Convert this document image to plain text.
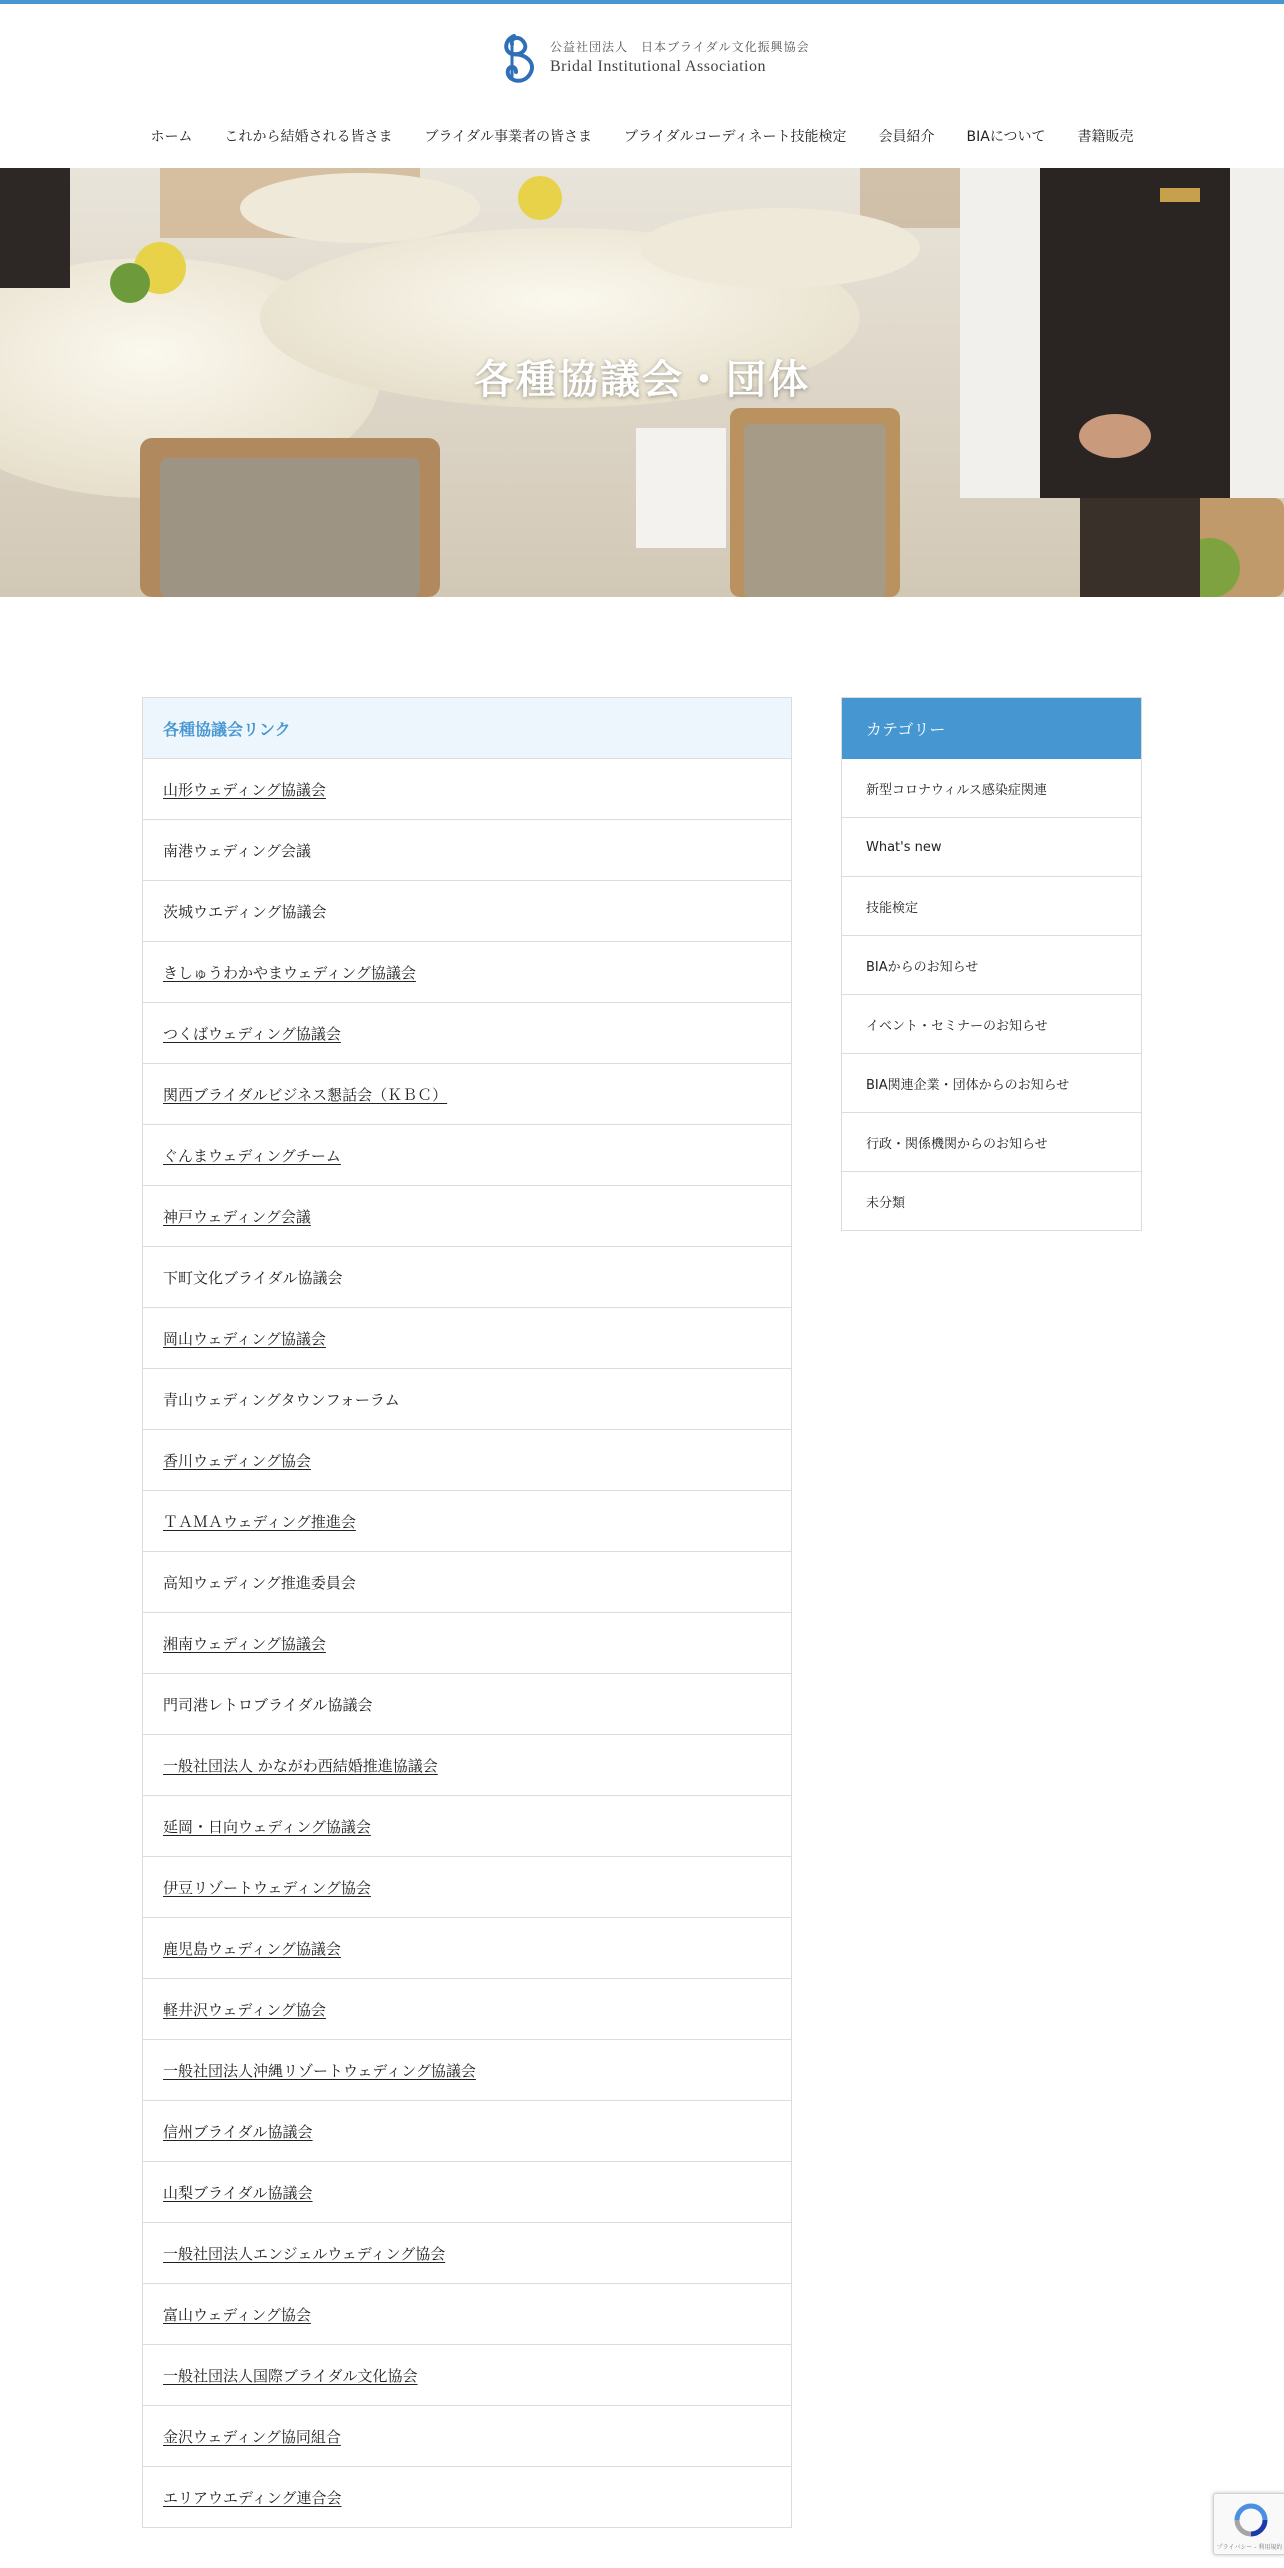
公益社団法人　日本ブライダル文化振興協会
Bridal Institutional Association
ホーム これから結婚される皆さま ブライダル事業者の皆さま ブライダルコーディネート技能検定 会員紹介 BIAについて 書籍販売
各種協議会・団体
各種協議会リンク
山形ウェディング協議会
南港ウェディング会議
茨城ウエディング協議会
きしゅうわかやまウェディング協議会
つくばウェディング協議会
関西ブライダルビジネス懇話会（ＫＢＣ）
ぐんまウェディングチーム
神戸ウェディング会議
下町文化ブライダル協議会
岡山ウェディング協議会
青山ウェディングタウンフォーラム
香川ウェディング協会
ＴＡＭＡウェディング推進会
高知ウェディング推進委員会
湘南ウェディング協議会
門司港レトロブライダル協議会
一般社団法人 かながわ西結婚推進協議会
延岡・日向ウェディング協議会
伊豆リゾートウェディング協会
鹿児島ウェディング協議会
軽井沢ウェディング協会
一般社団法人沖縄リゾートウェディング協議会
信州ブライダル協議会
山梨ブライダル協議会
一般社団法人エンジェルウェディング協会
富山ウェディング協会
一般社団法人国際ブライダル文化協会
金沢ウェディング協同組合
エリアウエディング連合会
カテゴリー
新型コロナウィルス感染症関連
What's new
技能検定
BIAからのお知らせ
イベント・セミナーのお知らせ
BIA関連企業・団体からのお知らせ
行政・関係機関からのお知らせ
未分類
プライバシー - 利用規約
